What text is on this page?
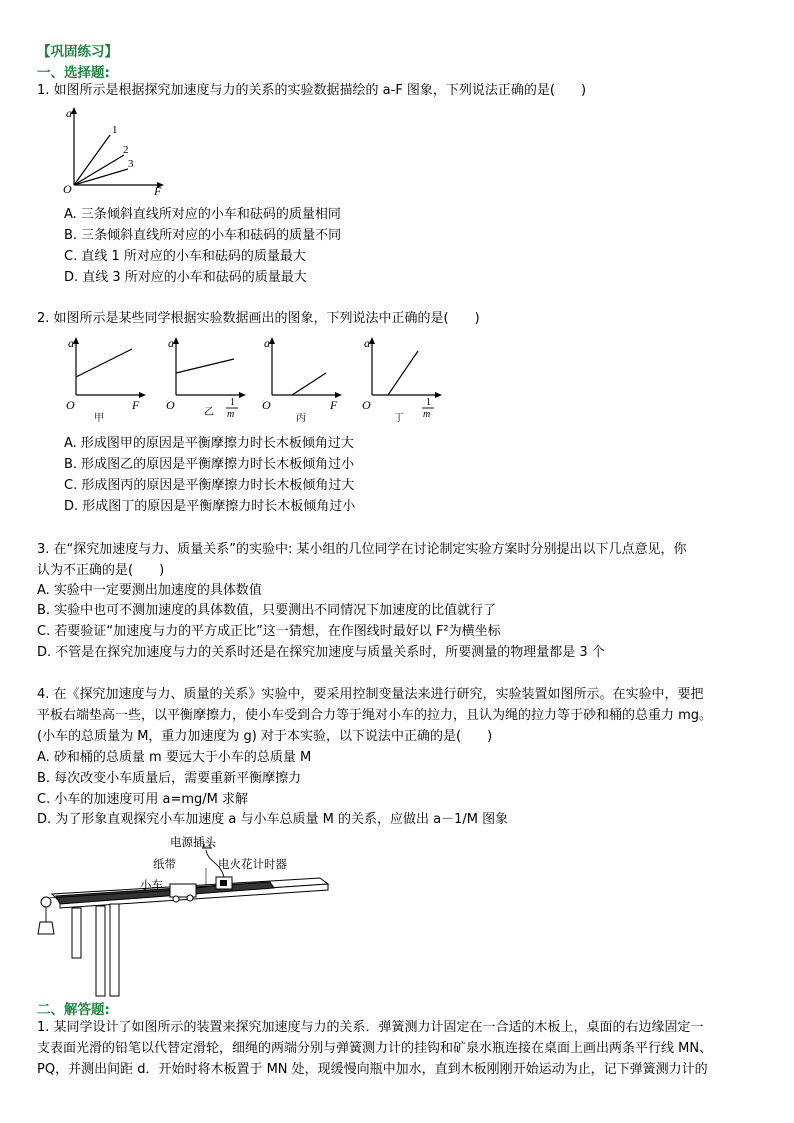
【巩固练习】
一、选择题:
1. 如图所示是根据探究加速度与力的关系的实验数据描绘的 a-F 图象，下列说法正确的是(　　)
a
O	F
1
2
3
A. 三条倾斜直线所对应的小车和砝码的质量相同
B. 三条倾斜直线所对应的小车和砝码的质量不同
C. 直线 1 所对应的小车和砝码的质量最大
D. 直线 3 所对应的小车和砝码的质量最大
2. 如图所示是某些同学根据实验数据画出的图象，下列说法中正确的是(　　)
a
O	F
甲
a
O	1
m
乙
a
O	F
丙
a
O	1
m
丁
A. 形成图甲的原因是平衡摩擦力时长木板倾角过大
B. 形成图乙的原因是平衡摩擦力时长木板倾角过小
C. 形成图丙的原因是平衡摩擦力时长木板倾角过大
D. 形成图丁的原因是平衡摩擦力时长木板倾角过小
3. 在“探究加速度与力、质量关系”的实验中: 某小组的几位同学在讨论制定实验方案时分别提出以下几点意见，你
认为不正确的是(　　)
A. 实验中一定要测出加速度的具体数值
B. 实验中也可不测加速度的具体数值，只要测出不同情况下加速度的比值就行了
C. 若要验证“加速度与力的平方成正比”这一猜想，在作图线时最好以 F²为横坐标
D. 不管是在探究加速度与力的关系时还是在探究加速度与质量关系时，所要测量的物理量都是 3 个
4. 在《探究加速度与力、质量的关系》实验中，要采用控制变量法来进行研究，实验装置如图所示。在实验中，要把
平板右端垫高一些，以平衡摩擦力，使小车受到合力等于绳对小车的拉力，且认为绳的拉力等于砂和桶的总重力 mg。
(小车的总质量为 M，重力加速度为 g) 对于本实验，以下说法中正确的是(　　)
A. 砂和桶的总质量 m 要远大于小车的总质量 M
B. 每次改变小车质量后，需要重新平衡摩擦力
C. 小车的加速度可用 a=mg/M 求解
D. 为了形象直观探究小车加速度 a 与小车总质量 M 的关系，应做出 a－1/M 图象
电源插头
纸带	电火花计时器
小车
二、解答题:
1. 某同学设计了如图所示的装置来探究加速度与力的关系．弹簧测力计固定在一合适的木板上，桌面的右边缘固定一
支表面光滑的铅笔以代替定滑轮，细绳的两端分别与弹簧测力计的挂钩和矿泉水瓶连接在桌面上画出两条平行线 MN、
PQ，并测出间距 d．开始时将木板置于 MN 处，现缓慢向瓶中加水，直到木板刚刚开始运动为止，记下弹簧测力计的
